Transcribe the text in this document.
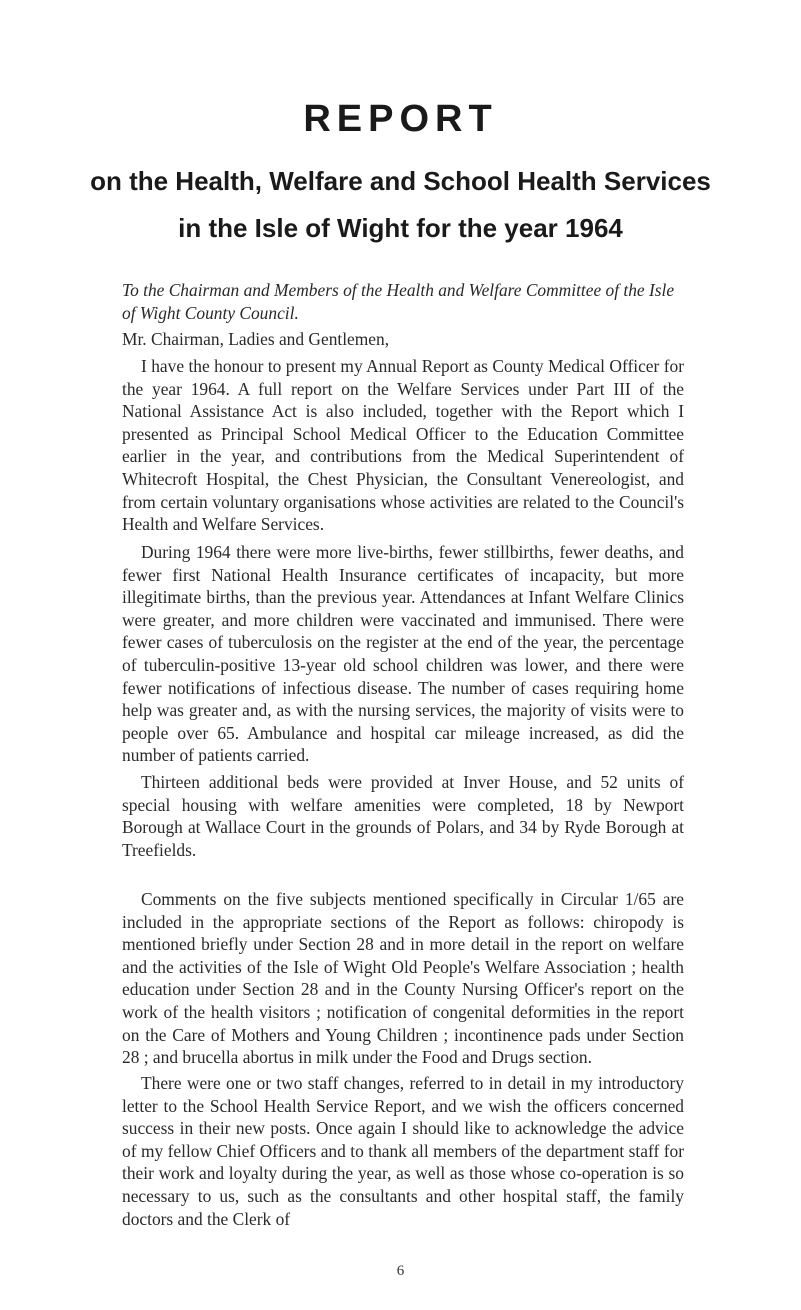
REPORT
on the Health, Welfare and School Health Services
in the Isle of Wight for the year 1964
To the Chairman and Members of the Health and Welfare Committee of the Isle of Wight County Council.
Mr. Chairman, Ladies and Gentlemen,

I have the honour to present my Annual Report as County Medical Officer for the year 1964. A full report on the Welfare Services under Part III of the National Assistance Act is also included, together with the Report which I presented as Principal School Medical Officer to the Education Committee earlier in the year, and contributions from the Medical Superintendent of Whitecroft Hospital, the Chest Physician, the Consultant Venereologist, and from certain voluntary organisations whose activities are related to the Council's Health and Welfare Services.

During 1964 there were more live-births, fewer stillbirths, fewer deaths, and fewer first National Health Insurance certificates of incapacity, but more illegitimate births, than the previous year. Attendances at Infant Welfare Clinics were greater, and more children were vaccinated and immunised. There were fewer cases of tuberculosis on the register at the end of the year, the percentage of tuberculin-positive 13-year old school children was lower, and there were fewer notifications of infectious disease. The number of cases requiring home help was greater and, as with the nursing services, the majority of visits were to people over 65. Ambulance and hospital car mileage increased, as did the number of patients carried.

Thirteen additional beds were provided at Inver House, and 52 units of special housing with welfare amenities were completed, 18 by Newport Borough at Wallace Court in the grounds of Polars, and 34 by Ryde Borough at Treefields.

Comments on the five subjects mentioned specifically in Circular 1/65 are included in the appropriate sections of the Report as follows: chiropody is mentioned briefly under Section 28 and in more detail in the report on welfare and the activities of the Isle of Wight Old People's Welfare Association ; health education under Section 28 and in the County Nursing Officer's report on the work of the health visitors ; notification of congenital deformities in the report on the Care of Mothers and Young Children ; incontinence pads under Section 28 ; and brucella abortus in milk under the Food and Drugs section.

There were one or two staff changes, referred to in detail in my introductory letter to the School Health Service Report, and we wish the officers concerned success in their new posts. Once again I should like to acknowledge the advice of my fellow Chief Officers and to thank all members of the department staff for their work and loyalty during the year, as well as those whose co-operation is so necessary to us, such as the consultants and other hospital staff, the family doctors and the Clerk of

6
